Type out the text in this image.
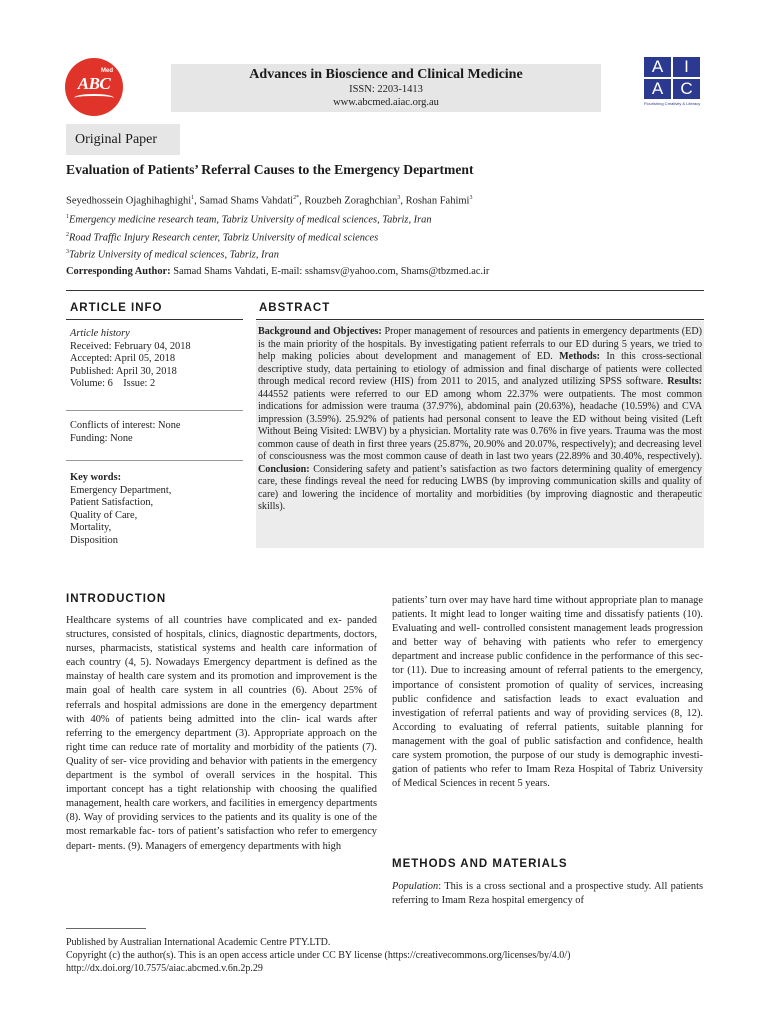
Med
ABC	Advances in Bioscience and Clinical Medicine
ISSN: 2203-1413
www.abcmed.aiac.org.au
A	I
A	C
Flourishing Creativity & Literacy
Original Paper
Evaluation of Patients’ Referral Causes to the Emergency Department
Seyedhossein Ojaghihaghighi$^1$, Samad Shams Vahdati$^{2*}$, Rouzbeh Zoraghchian$^3$, Roshan Fahimi$^3$
$^1$Emergency medicine research team, Tabriz University of medical sciences, Tabriz, Iran
$^2$Road Traffic Injury Research center, Tabriz University of medical sciences
$^3$Tabriz University of medical sciences, Tabriz, Iran
Corresponding Author: Samad Shams Vahdati, E-mail: sshamsv@yahoo.com, Shams@tbzmed.ac.ir
ARTICLE INFO
Article history
Received: February 04, 2018
Accepted: April 05, 2018
Published: April 30, 2018
Volume: 6    Issue: 2
Conflicts of interest: None
Funding: None
Key words:
Emergency Department,
Patient Satisfaction,
Quality of Care,
Mortality,
Disposition
ABSTRACT

Background and Objectives: Proper management of resources and patients in emergency departments (ED) is the main priority of the hospitals. By investigating patient referrals to our ED during 5 years, we tried to help making policies about development and management of ED. Methods: In this cross-sectional descriptive study, data pertaining to etiology of admission and final discharge of patients were collected through medical record review (HIS) from 2011 to 2015, and analyzed utilizing SPSS software. Results: 444552 patients were referred to our ED among whom 22.37% were outpatients. The most common indications for admission were trauma (37.97%), abdominal pain (20.63%), headache (10.59%) and CVA impression (3.59%). 25.92% of patients had personal consent to leave the ED without being visited (Left Without Being Visited: LWBV) by a physician. Mortality rate was 0.76% in five years. Trauma was the most common cause of death in first three years (25.87%, 20.90% and 20.07%, respectively); and decreasing level of consciousness was the most common cause of death in last two years (22.89% and 30.40%, respectively). Conclusion: Considering safety and patient’s satisfaction as two factors determining quality of emergency care, these findings reveal the need for reducing LWBS (by improving communication skills and quality of care) and lowering the incidence of mortality and morbidities (by improving diagnostic and therapeutic skills).

INTRODUCTION
Healthcare systems of all countries have complicated and ex- panded structures, consisted of hospitals, clinics, diagnostic departments, doctors, nurses, pharmacists, statistical systems and health care information of each country (4, 5). Nowadays Emergency department is defined as the mainstay of health care system and its promotion and improvement is the main goal of health care system in all countries (6). About 25% of referrals and hospital admissions are done in the emergency department with 40% of patients being admitted into the clin- ical wards after referring to the emergency department (3). Appropriate approach on the right time can reduce rate of mortality and morbidity of the patients (7). Quality of ser- vice providing and behavior with patients in the emergency department is the symbol of overall services in the hospital. This important concept has a tight relationship with choosing the qualified management, health care workers, and facilities in emergency departments (8). Way of providing services to the patients and its quality is one of the most remarkable fac- tors of patient’s satisfaction who refer to emergency depart- ments. (9). Managers of emergency departments with high
patients’ turn over may have hard time without appropriate plan to manage patients. It might lead to longer waiting time and dissatisfy patients (10). Evaluating and well- controlled consistent management leads progression and better way of behaving with patients who refer to emergency department and increase public confidence in the performance of this sec- tor (11). Due to increasing amount of referral patients to the emergency, importance of consistent promotion of quality of services, increasing public confidence and satisfaction leads to exact evaluation and investigation of referral patients and way of providing services (8, 12). According to evaluating of referral patients, suitable planning for management with the goal of public satisfaction and confidence, health care system promotion, the purpose of our study is demographic investi- gation of patients who refer to Imam Reza Hospital of Tabriz University of Medical Sciences in recent 5 years.
METHODS AND MATERIALS
Population: This is a cross sectional and a prospective study. All patients referring to Imam Reza hospital emergency of
Published by Australian International Academic Centre PTY.LTD.
Copyright (c) the author(s). This is an open access article under CC BY license (https://creativecommons.org/licenses/by/4.0/)
http://dx.doi.org/10.7575/aiac.abcmed.v.6n.2p.29
